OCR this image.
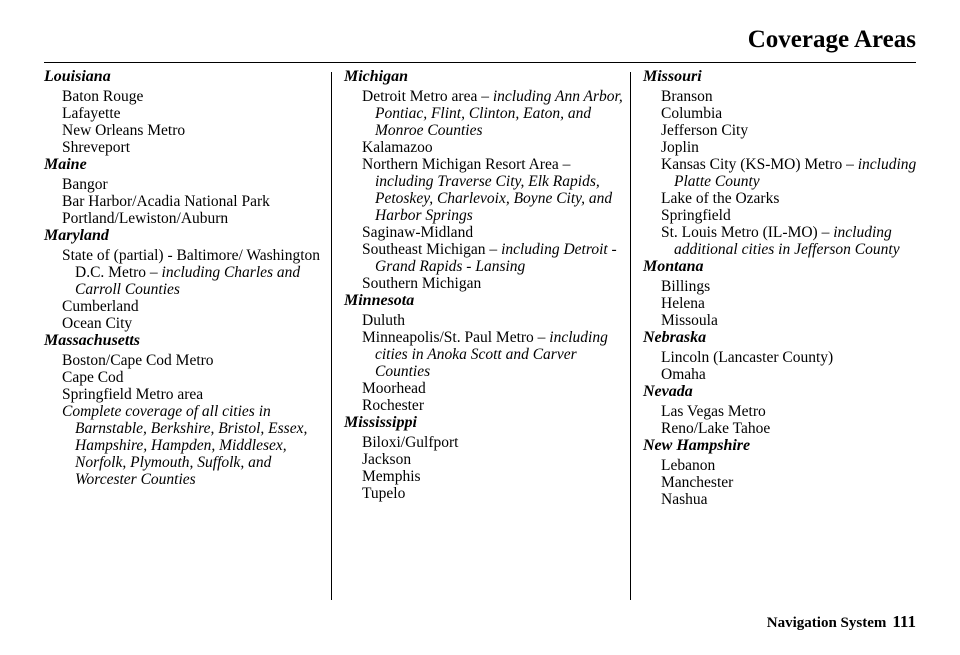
Coverage Areas
Louisiana
Baton Rouge
Lafayette
New Orleans Metro
Shreveport
Maine
Bangor
Bar Harbor/Acadia National Park
Portland/Lewiston/Auburn
Maryland
State of (partial) - Baltimore/ Washington D.C. Metro – including Charles and Carroll Counties
Cumberland
Ocean City
Massachusetts
Boston/Cape Cod Metro
Cape Cod
Springfield Metro area
Complete coverage of all cities in Barnstable, Berkshire, Bristol, Essex, Hampshire, Hampden, Middlesex, Norfolk, Plymouth, Suffolk, and Worcester Counties
Michigan
Detroit Metro area – including Ann Arbor, Pontiac, Flint, Clinton, Eaton, and Monroe Counties
Kalamazoo
Northern Michigan Resort Area – including Traverse City, Elk Rapids, Petoskey, Charlevoix, Boyne City, and Harbor Springs
Saginaw-Midland
Southeast Michigan – including Detroit - Grand Rapids - Lansing
Southern Michigan
Minnesota
Duluth
Minneapolis/St. Paul Metro – including cities in Anoka Scott and Carver Counties
Moorhead
Rochester
Mississippi
Biloxi/Gulfport
Jackson
Memphis
Tupelo
Missouri
Branson
Columbia
Jefferson City
Joplin
Kansas City (KS-MO) Metro – including Platte County
Lake of the Ozarks
Springfield
St. Louis Metro (IL-MO) – including additional cities in Jefferson County
Montana
Billings
Helena
Missoula
Nebraska
Lincoln (Lancaster County)
Omaha
Nevada
Las Vegas Metro
Reno/Lake Tahoe
New Hampshire
Lebanon
Manchester
Nashua
Navigation System 111
